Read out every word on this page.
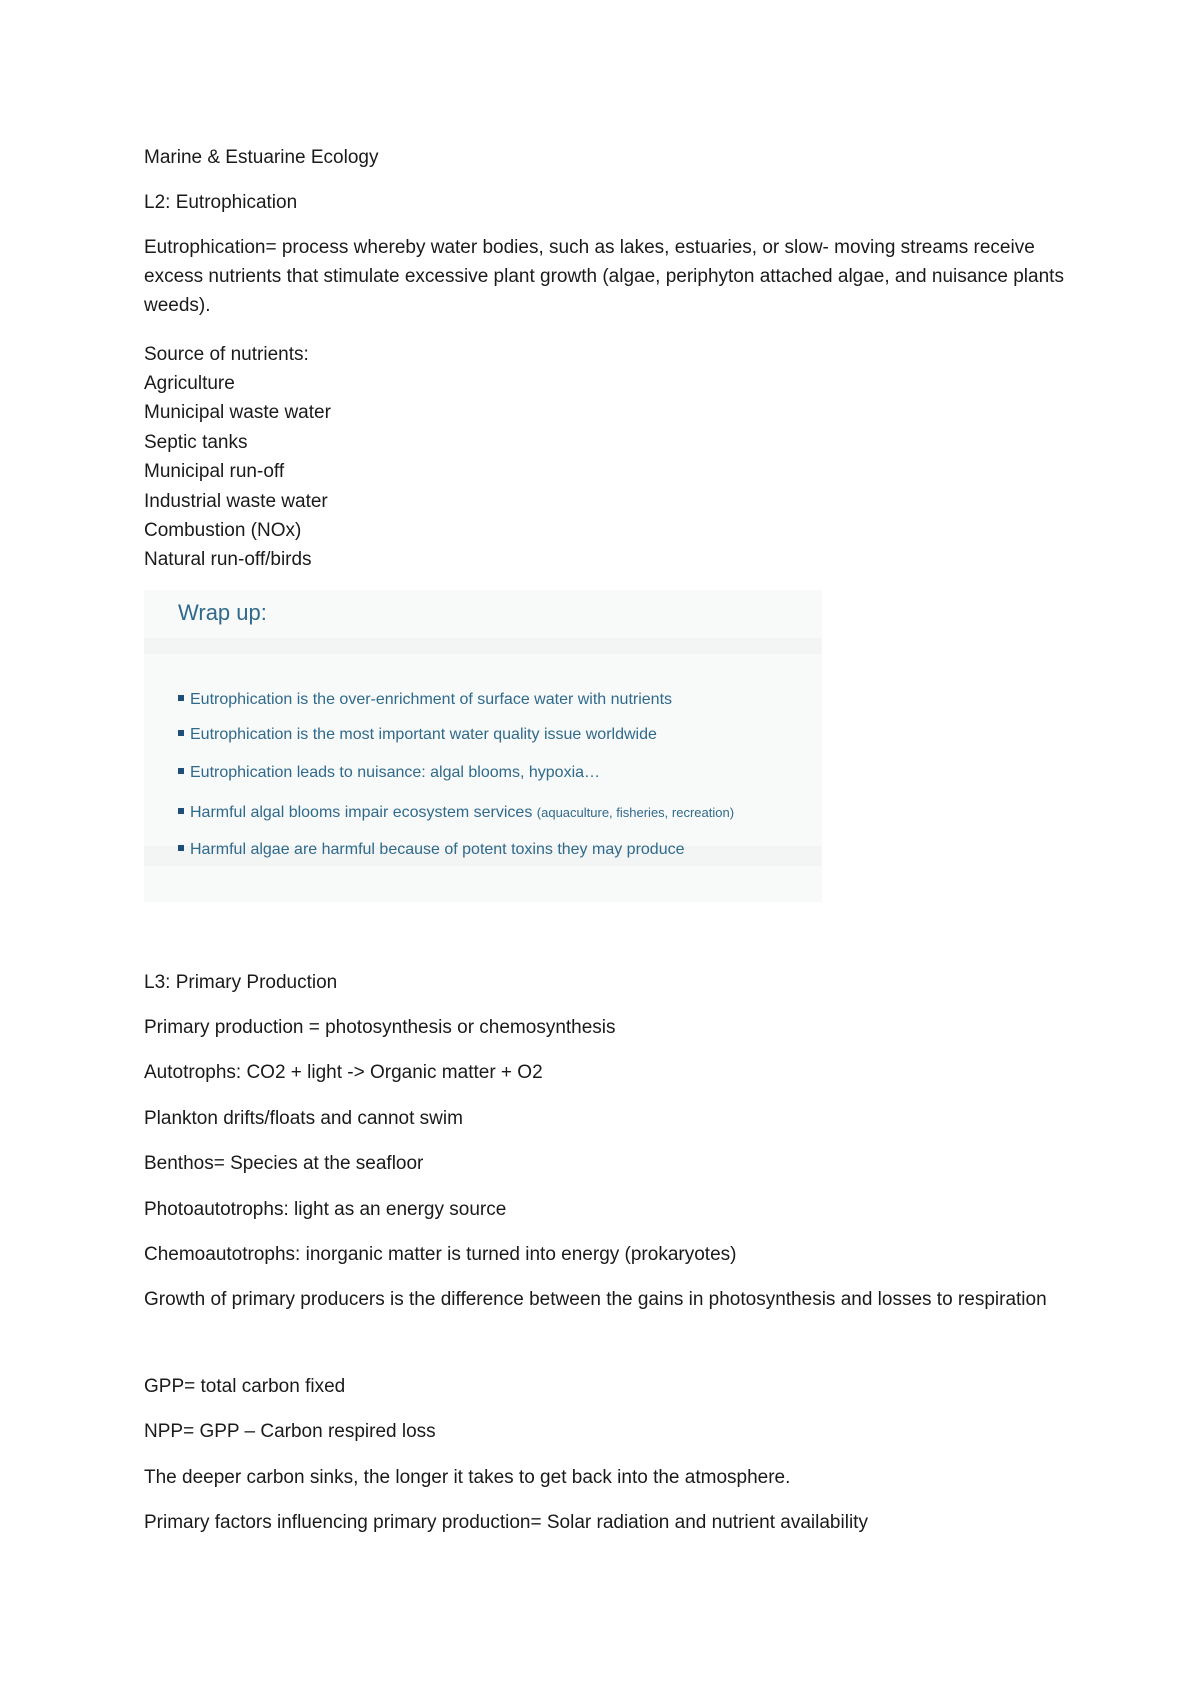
Marine & Estuarine Ecology

L2: Eutrophication

Eutrophication= process whereby water bodies, such as lakes, estuaries, or slow- moving streams receive excess nutrients that stimulate excessive plant growth (algae, periphyton attached algae, and nuisance plants weeds).

Source of nutrients:

Agriculture
Municipal waste water
Septic tanks
Municipal run-off
Industrial waste water
Combustion (NOx)
Natural run-off/birds

Wrap up:

Eutrophication is the over-enrichment of surface water with nutrients
Eutrophication is the most important water quality issue worldwide
Eutrophication leads to nuisance: algal blooms, hypoxia…
Harmful algal blooms impair ecosystem services (aquaculture, fisheries, recreation)
Harmful algae are harmful because of potent toxins they may produce

L3: Primary Production

Primary production = photosynthesis or chemosynthesis

Autotrophs: CO2 + light -> Organic matter + O2

Plankton drifts/floats and cannot swim

Benthos= Species at the seafloor

Photoautotrophs: light as an energy source

Chemoautotrophs: inorganic matter is turned into energy (prokaryotes)

Growth of primary producers is the difference between the gains in photosynthesis and losses to respiration

GPP= total carbon fixed

NPP= GPP – Carbon respired loss

The deeper carbon sinks, the longer it takes to get back into the atmosphere.

Primary factors influencing primary production= Solar radiation and nutrient availability
